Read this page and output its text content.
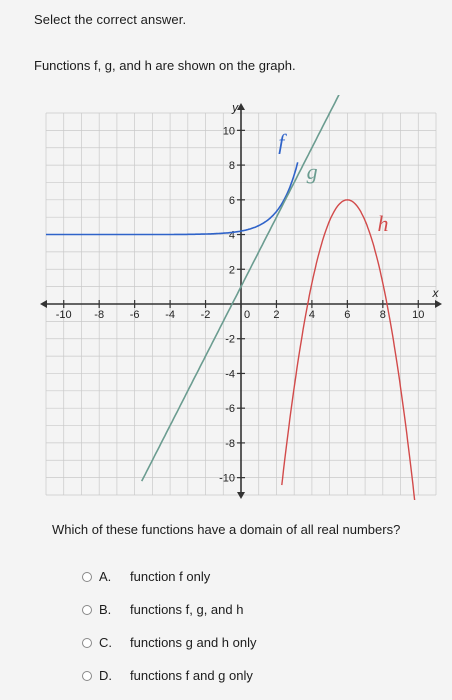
Select the correct answer.
Functions f, g, and h are shown on the graph.
-10 -8 -6 -4 -2	0 2	4	6	8 10
10
8
6
4
2
-2
-4
-6
-8
-10
f
g
h
x
y
Which of these functions have a domain of all real numbers?
A. function f only
B. functions f, g, and h
C. functions g and h only
D. functions f and g only
